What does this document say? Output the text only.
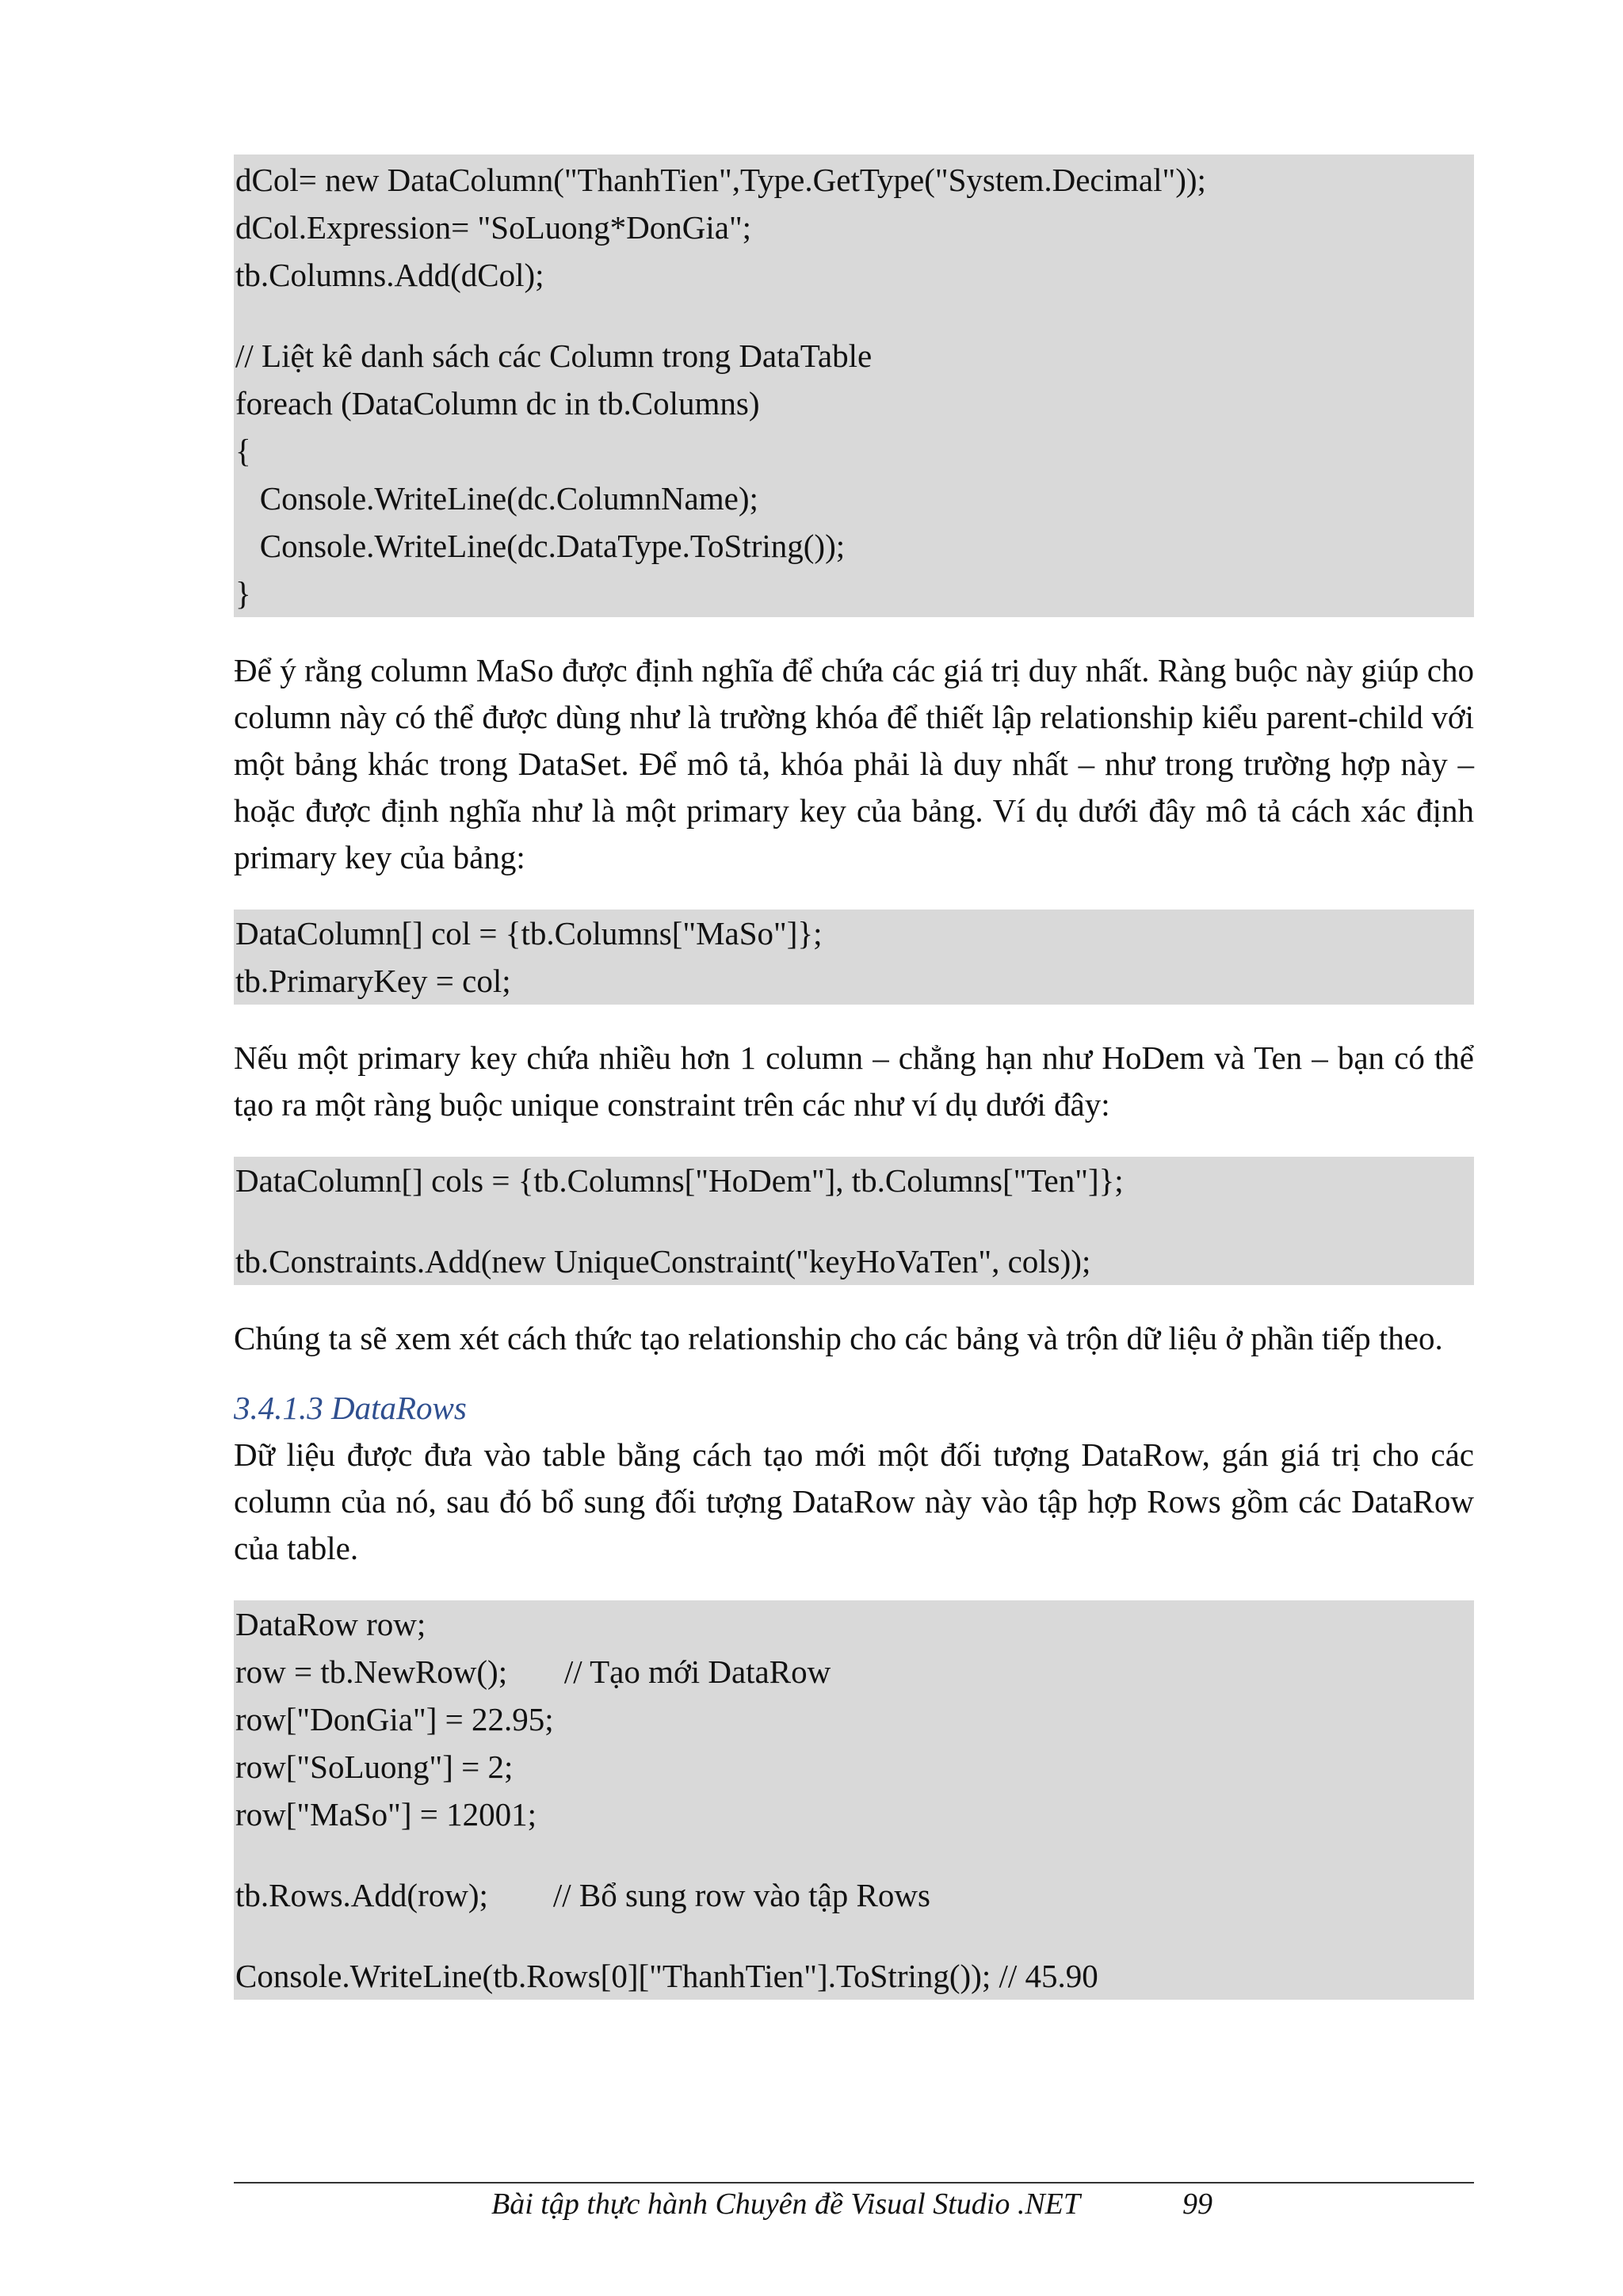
dCol= new DataColumn("ThanhTien",Type.GetType("System.Decimal"));
dCol.Expression= "SoLuong*DonGia";
tb.Columns.Add(dCol);
// Liệt kê danh sách các Column trong DataTable
foreach (DataColumn dc in tb.Columns)
{
Console.WriteLine(dc.ColumnName);
Console.WriteLine(dc.DataType.ToString());
}

Để ý rằng column MaSo được định nghĩa để chứa các giá trị duy nhất. Ràng buộc này giúp cho column này có thể được dùng như là trường khóa để thiết lập relationship kiểu parent-child với một bảng khác trong DataSet. Để mô tả, khóa phải là duy nhất – như trong trường hợp này – hoặc được định nghĩa như là một primary key của bảng. Ví dụ dưới đây mô tả cách xác định primary key của bảng:

DataColumn[] col = {tb.Columns["MaSo"]};
tb.PrimaryKey = col;

Nếu một primary key chứa nhiều hơn 1 column – chẳng hạn như HoDem và Ten – bạn có thể tạo ra một ràng buộc unique constraint trên các như ví dụ dưới đây:

DataColumn[] cols = {tb.Columns["HoDem"], tb.Columns["Ten"]};
tb.Constraints.Add(new UniqueConstraint("keyHoVaTen", cols));

Chúng ta sẽ xem xét cách thức tạo relationship cho các bảng và trộn dữ liệu ở phần tiếp theo.

3.4.1.3 DataRows

Dữ liệu được đưa vào table bằng cách tạo mới một đối tượng DataRow, gán giá trị cho các column của nó, sau đó bổ sung đối tượng DataRow này vào tập hợp Rows gồm các DataRow của table.

DataRow row;
row = tb.NewRow();       // Tạo mới DataRow
row["DonGia"] = 22.95;
row["SoLuong"] = 2;
row["MaSo"] = 12001;
tb.Rows.Add(row);        // Bổ sung row vào tập Rows
Console.WriteLine(tb.Rows[0]["ThanhTien"].ToString()); // 45.90
Bài tập thực hành Chuyên đề Visual Studio .NET	99
